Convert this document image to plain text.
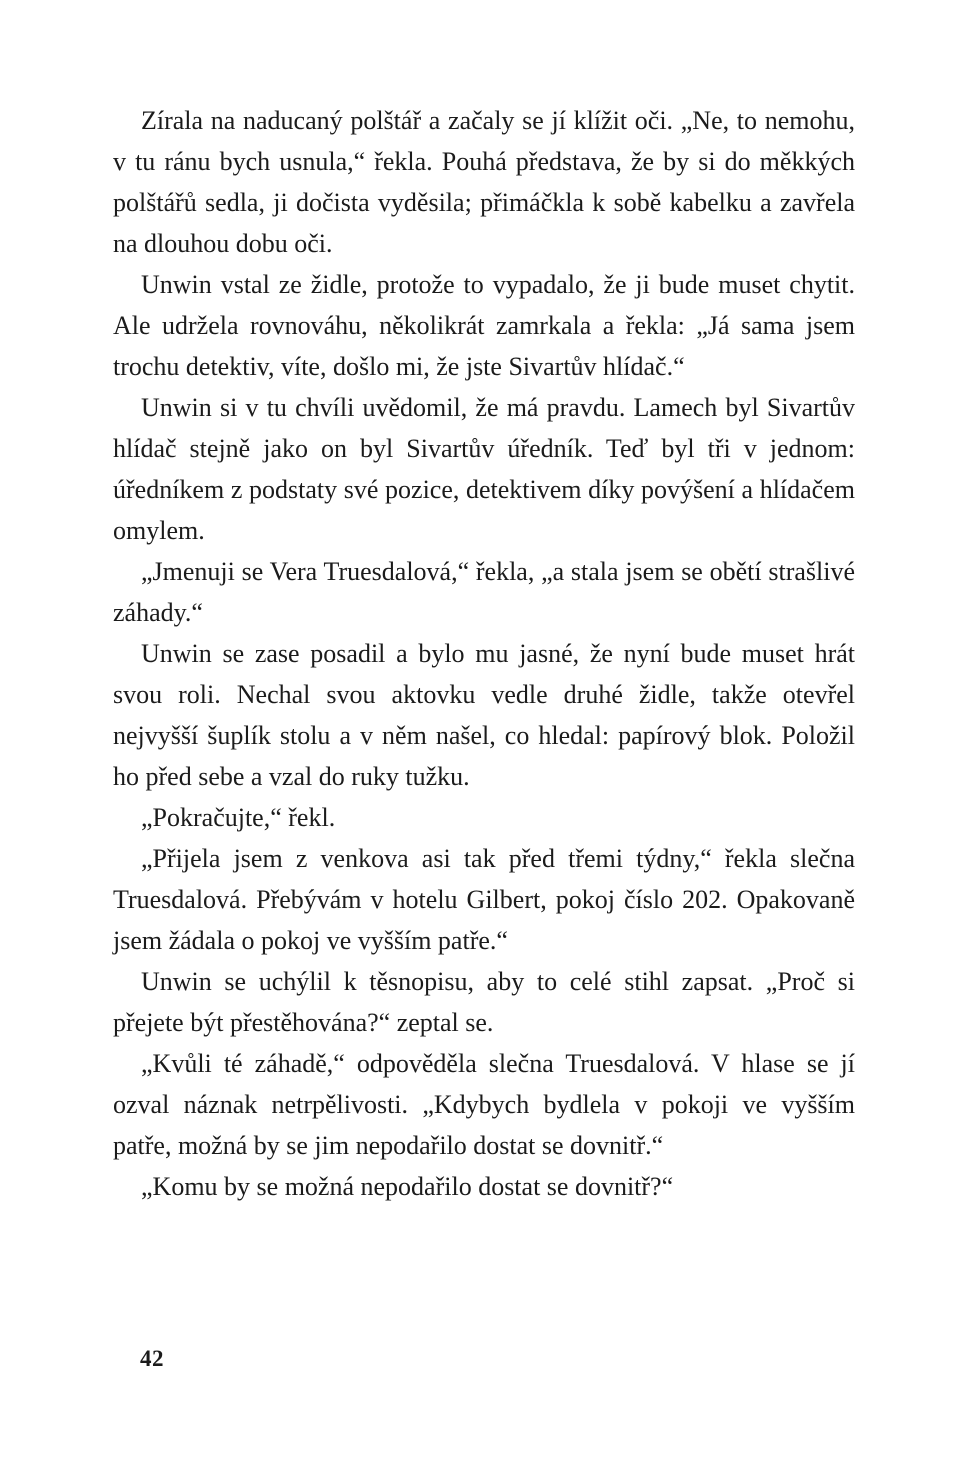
Zírala na naducaný polštář a začaly se jí klížit oči. „Ne, to nemohu, v tu ránu bych usnula,“ řekla. Pouhá představa, že by si do měkkých polštářů sedla, ji dočista vyděsila; přimáčkla k sobě kabelku a zavřela na dlouhou dobu oči.

Unwin vstal ze židle, protože to vypadalo, že ji bude muset chytit. Ale udržela rovnováhu, několikrát zamrkala a řekla: „Já sama jsem trochu detektiv, víte, došlo mi, že jste Sivartův hlídač.“

Unwin si v tu chvíli uvědomil, že má pravdu. Lamech byl Sivartův hlídač stejně jako on byl Sivartův úředník. Teď byl tři v jednom: úředníkem z podstaty své pozice, detektivem díky povýšení a hlídačem omylem.

„Jmenuji se Vera Truesdalová,“ řekla, „a stala jsem se obětí strašlivé záhady.“

Unwin se zase posadil a bylo mu jasné, že nyní bude muset hrát svou roli. Nechal svou aktovku vedle druhé židle, takže otevřel nejvyšší šuplík stolu a v něm našel, co hledal: papírový blok. Položil ho před sebe a vzal do ruky tužku.

„Pokračujte,“ řekl.

„Přijela jsem z venkova asi tak před třemi týdny,“ řekla slečna Truesdalová. Přebývám v hotelu Gilbert, pokoj číslo 202. Opakovaně jsem žádala o pokoj ve vyšším patře.“

Unwin se uchýlil k těsnopisu, aby to celé stihl zapsat. „Proč si přejete být přestěhována?“ zeptal se.

„Kvůli té záhadě,“ odpověděla slečna Truesdalová. V hlase se jí ozval náznak netrpělivosti. „Kdybych bydlela v pokoji ve vyšším patře, možná by se jim nepodařilo dostat se dovnitř.“

„Komu by se možná nepodařilo dostat se dovnitř?“

42
